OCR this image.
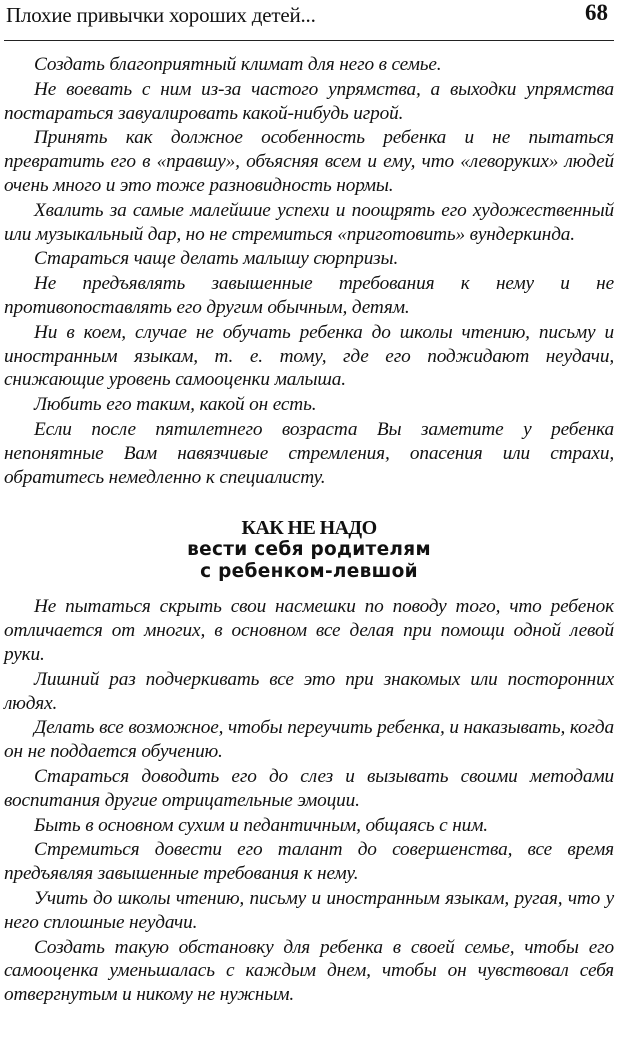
Плохие привычки хороших детей...	68

Создать благоприятный климат для него в семье.

Не воевать с ним из-за частого упрямства, а выходки упрямства постараться завуалировать какой-нибудь игрой.

Принять как должное особенность ребенка и не пытаться превратить его в «правшу», объясняя всем и ему, что «леворуких» людей очень много и это тоже разновидность нормы.

Хвалить за самые малейшие успехи и поощрять его художественный или музыкальный дар, но не стремиться «приготовить» вундеркинда.

Стараться чаще делать малышу сюрпризы.

Не предъявлять завышенные требования к нему и не противопоставлять его другим обычным, детям.

Ни в коем, случае не обучать ребенка до школы чтению, письму и иностранным языкам, т. е. тому, где его поджидают неудачи, снижающие уровень самооценки малыша.

Любить его таким, какой он есть.

Если после пятилетнего возраста Вы заметите у ребенка непонятные Вам навязчивые стремления, опасения или страхи, обратитесь немедленно к специалисту.

КАК НЕ НАДО
вести себя родителям
с ребенком-левшой

Не пытаться скрыть свои насмешки по поводу того, что ребенок отличается от многих, в основном все делая при помощи одной левой руки.

Лишний раз подчеркивать все это при знакомых или посторонних людях.

Делать все возможное, чтобы переучить ребенка, и наказывать, когда он не поддается обучению.

Стараться доводить его до слез и вызывать своими методами воспитания другие отрицательные эмоции.

Быть в основном сухим и педантичным, общаясь с ним.

Стремиться довести его талант до совершенства, все время предъявляя завышенные требования к нему.

Учить до школы чтению, письму и иностранным языкам, ругая, что у него сплошные неудачи.

Создать такую обстановку для ребенка в своей семье, чтобы его самооценка уменьшалась с каждым днем, чтобы он чувствовал себя отвергнутым и никому не нужным.
